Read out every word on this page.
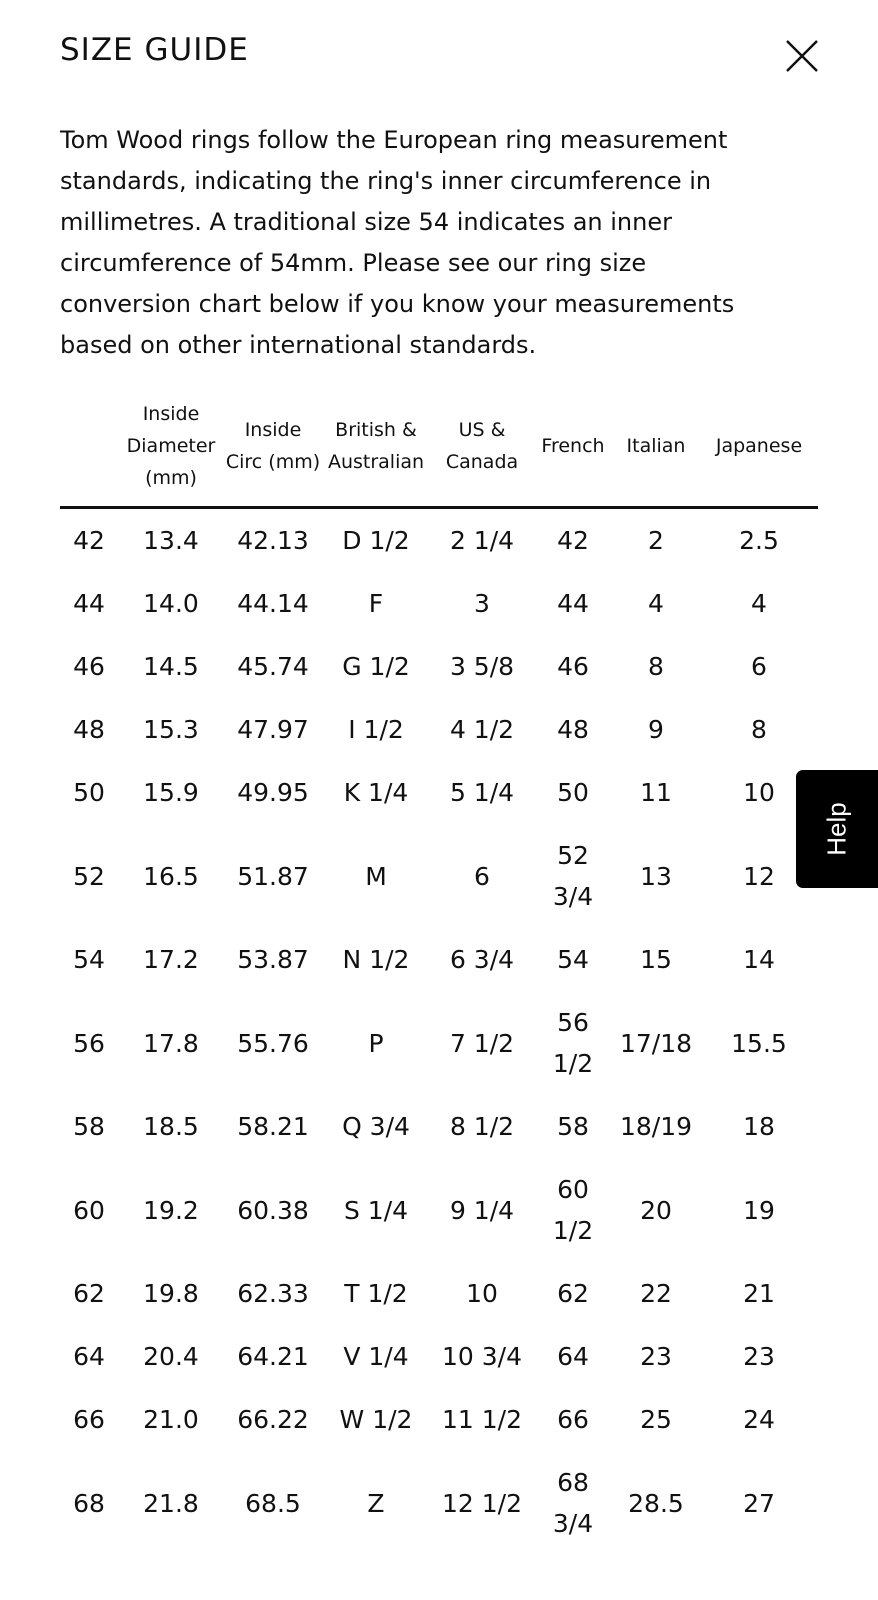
SIZE GUIDE

Tom Wood rings follow the European ring measurement standards, indicating the ring's inner circumference in millimetres. A traditional size 54 indicates an inner circumference of 54mm. Please see our ring size conversion chart below if you know your measurements based on other international standards.

	Inside Diameter (mm)	Inside Circ (mm)	British & Australian	US & Canada	French	Italian	Japanese
42	13.4	42.13	D 1/2	2 1/4	42	2	2.5
44	14.0	44.14	F	3	44	4	4
46	14.5	45.74	G 1/2	3 5/8	46	8	6
48	15.3	47.97	I 1/2	4 1/2	48	9	8
50	15.9	49.95	K 1/4	5 1/4	50	11	10
52	16.5	51.87	M	6	52 3/4	13	12
54	17.2	53.87	N 1/2	6 3/4	54	15	14
56	17.8	55.76	P	7 1/2	56 1/2	17/18	15.5
58	18.5	58.21	Q 3/4	8 1/2	58	18/19	18
60	19.2	60.38	S 1/4	9 1/4	60 1/2	20	19
62	19.8	62.33	T 1/2	10	62	22	21
64	20.4	64.21	V 1/4	10 3/4	64	23	23
66	21.0	66.22	W 1/2	11 1/2	66	25	24
68	21.8	68.5	Z	12 1/2	68 3/4	28.5	27
Help
